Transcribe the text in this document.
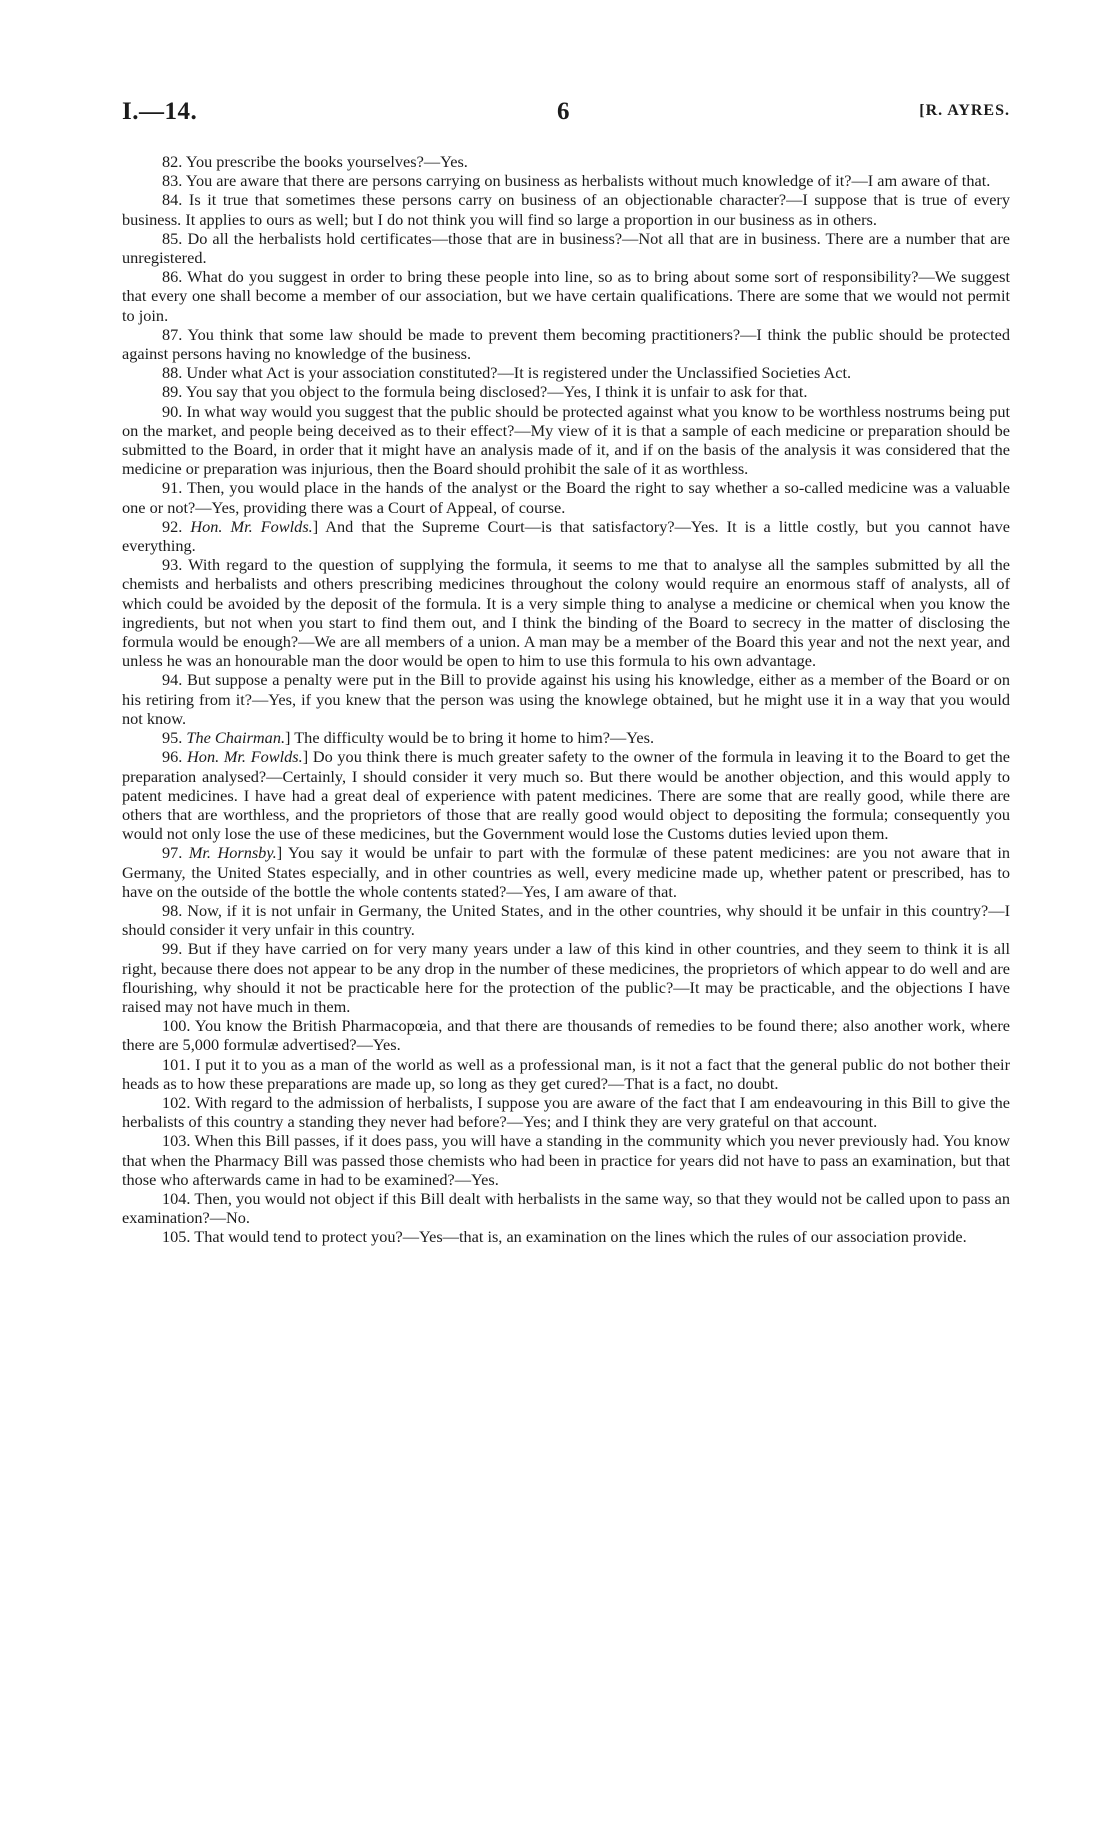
I.—14.	6	[R. AYRES.

82. You prescribe the books yourselves?—Yes.

83. You are aware that there are persons carrying on business as herbalists without much knowledge of it?—I am aware of that.

84. Is it true that sometimes these persons carry on business of an objectionable character?—I suppose that is true of every business. It applies to ours as well; but I do not think you will find so large a proportion in our business as in others.

85. Do all the herbalists hold certificates—those that are in business?—Not all that are in business. There are a number that are unregistered.

86. What do you suggest in order to bring these people into line, so as to bring about some sort of responsibility?—We suggest that every one shall become a member of our association, but we have certain qualifications. There are some that we would not permit to join.

87. You think that some law should be made to prevent them becoming practitioners?—I think the public should be protected against persons having no knowledge of the business.

88. Under what Act is your association constituted?—It is registered under the Unclassified Societies Act.

89. You say that you object to the formula being disclosed?—Yes, I think it is unfair to ask for that.

90. In what way would you suggest that the public should be protected against what you know to be worthless nostrums being put on the market, and people being deceived as to their effect?—My view of it is that a sample of each medicine or preparation should be submitted to the Board, in order that it might have an analysis made of it, and if on the basis of the analysis it was considered that the medicine or preparation was injurious, then the Board should prohibit the sale of it as worthless.

91. Then, you would place in the hands of the analyst or the Board the right to say whether a so-called medicine was a valuable one or not?—Yes, providing there was a Court of Appeal, of course.

92. Hon. Mr. Fowlds.] And that the Supreme Court—is that satisfactory?—Yes. It is a little costly, but you cannot have everything.

93. With regard to the question of supplying the formula, it seems to me that to analyse all the samples submitted by all the chemists and herbalists and others prescribing medicines throughout the colony would require an enormous staff of analysts, all of which could be avoided by the deposit of the formula. It is a very simple thing to analyse a medicine or chemical when you know the ingredients, but not when you start to find them out, and I think the binding of the Board to secrecy in the matter of disclosing the formula would be enough?—We are all members of a union. A man may be a member of the Board this year and not the next year, and unless he was an honourable man the door would be open to him to use this formula to his own advantage.

94. But suppose a penalty were put in the Bill to provide against his using his knowledge, either as a member of the Board or on his retiring from it?—Yes, if you knew that the person was using the knowlege obtained, but he might use it in a way that you would not know.

95. The Chairman.] The difficulty would be to bring it home to him?—Yes.

96. Hon. Mr. Fowlds.] Do you think there is much greater safety to the owner of the formula in leaving it to the Board to get the preparation analysed?—Certainly, I should consider it very much so. But there would be another objection, and this would apply to patent medicines. I have had a great deal of experience with patent medicines. There are some that are really good, while there are others that are worthless, and the proprietors of those that are really good would object to depositing the formula; consequently you would not only lose the use of these medicines, but the Government would lose the Customs duties levied upon them.

97. Mr. Hornsby.] You say it would be unfair to part with the formulæ of these patent medicines: are you not aware that in Germany, the United States especially, and in other countries as well, every medicine made up, whether patent or prescribed, has to have on the outside of the bottle the whole contents stated?—Yes, I am aware of that.

98. Now, if it is not unfair in Germany, the United States, and in the other countries, why should it be unfair in this country?—I should consider it very unfair in this country.

99. But if they have carried on for very many years under a law of this kind in other countries, and they seem to think it is all right, because there does not appear to be any drop in the number of these medicines, the proprietors of which appear to do well and are flourishing, why should it not be practicable here for the protection of the public?—It may be practicable, and the objections I have raised may not have much in them.

100. You know the British Pharmacopœia, and that there are thousands of remedies to be found there; also another work, where there are 5,000 formulæ advertised?—Yes.

101. I put it to you as a man of the world as well as a professional man, is it not a fact that the general public do not bother their heads as to how these preparations are made up, so long as they get cured?—That is a fact, no doubt.

102. With regard to the admission of herbalists, I suppose you are aware of the fact that I am endeavouring in this Bill to give the herbalists of this country a standing they never had before?—Yes; and I think they are very grateful on that account.

103. When this Bill passes, if it does pass, you will have a standing in the community which you never previously had. You know that when the Pharmacy Bill was passed those chemists who had been in practice for years did not have to pass an examination, but that those who afterwards came in had to be examined?—Yes.

104. Then, you would not object if this Bill dealt with herbalists in the same way, so that they would not be called upon to pass an examination?—No.

105. That would tend to protect you?—Yes—that is, an examination on the lines which the rules of our association provide.
